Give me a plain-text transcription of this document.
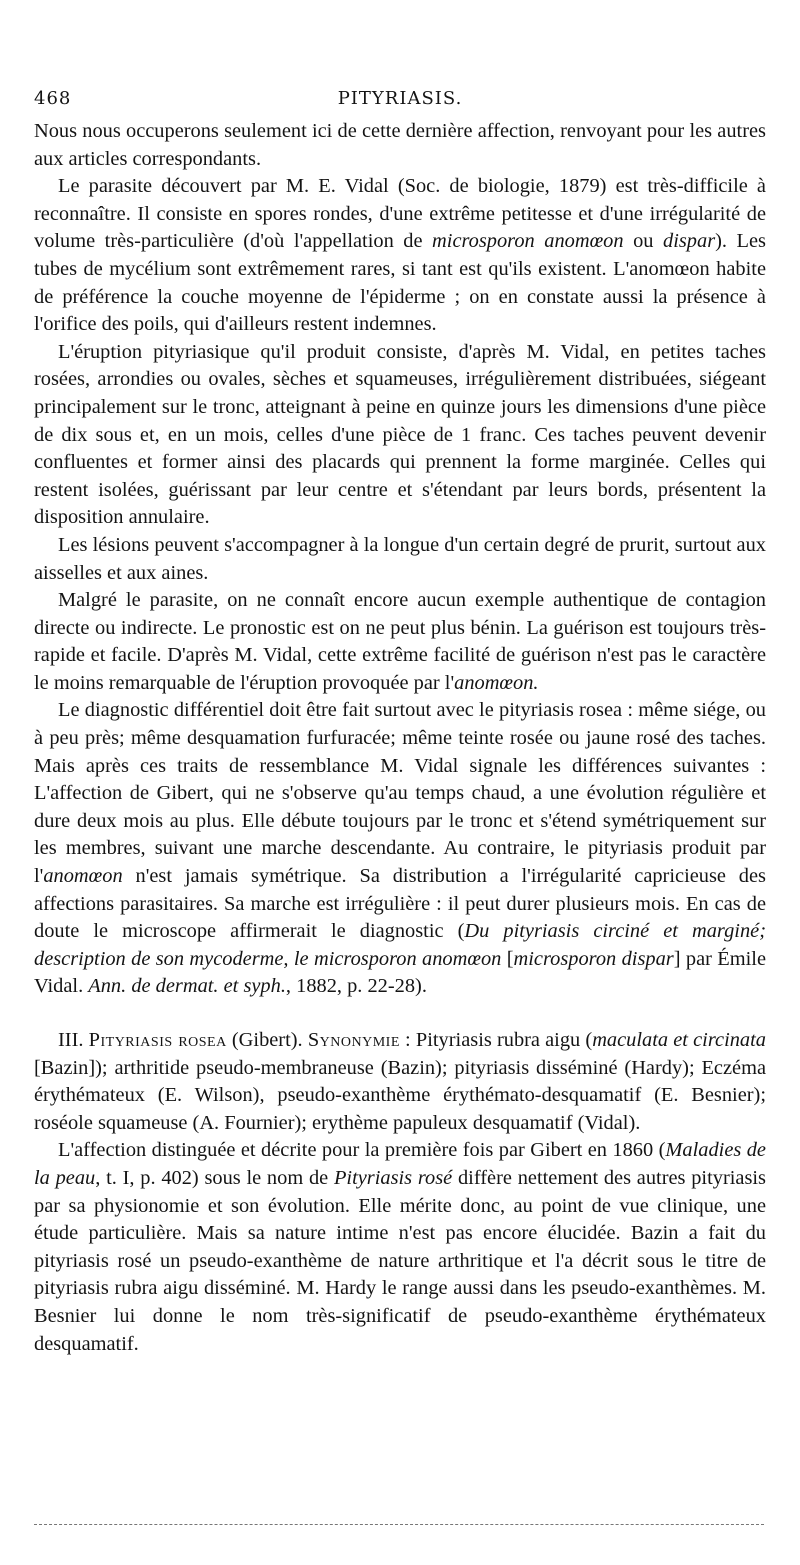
468	PITYRIASIS.

Nous nous occuperons seulement ici de cette dernière affection, renvoyant pour les autres aux articles correspondants.

Le parasite découvert par M. E. Vidal (Soc. de biologie, 1879) est très-difficile à reconnaître. Il consiste en spores rondes, d'une extrême petitesse et d'une irrégularité de volume très-particulière (d'où l'appellation de microsporon anomœon ou dispar). Les tubes de mycélium sont extrêmement rares, si tant est qu'ils existent. L'anomœon habite de préférence la couche moyenne de l'épiderme ; on en constate aussi la présence à l'orifice des poils, qui d'ailleurs restent indemnes.

L'éruption pityriasique qu'il produit consiste, d'après M. Vidal, en petites taches rosées, arrondies ou ovales, sèches et squameuses, irrégulièrement distribuées, siégeant principalement sur le tronc, atteignant à peine en quinze jours les dimensions d'une pièce de dix sous et, en un mois, celles d'une pièce de 1 franc. Ces taches peuvent devenir confluentes et former ainsi des placards qui prennent la forme marginée. Celles qui restent isolées, guérissant par leur centre et s'étendant par leurs bords, présentent la disposition annulaire.

Les lésions peuvent s'accompagner à la longue d'un certain degré de prurit, surtout aux aisselles et aux aines.

Malgré le parasite, on ne connaît encore aucun exemple authentique de contagion directe ou indirecte. Le pronostic est on ne peut plus bénin. La guérison est toujours très-rapide et facile. D'après M. Vidal, cette extrême facilité de guérison n'est pas le caractère le moins remarquable de l'éruption provoquée par l'anomœon.

Le diagnostic différentiel doit être fait surtout avec le pityriasis rosea : même siége, ou à peu près; même desquamation furfuracée; même teinte rosée ou jaune rosé des taches. Mais après ces traits de ressemblance M. Vidal signale les différences suivantes : L'affection de Gibert, qui ne s'observe qu'au temps chaud, a une évolution régulière et dure deux mois au plus. Elle débute toujours par le tronc et s'étend symétriquement sur les membres, suivant une marche descendante. Au contraire, le pityriasis produit par l'anomœon n'est jamais symétrique. Sa distribution a l'irrégularité capricieuse des affections parasitaires. Sa marche est irrégulière : il peut durer plusieurs mois. En cas de doute le microscope affirmerait le diagnostic (Du pityriasis circiné et marginé; description de son mycoderme, le microsporon anomœon [microsporon dispar] par Émile Vidal. Ann. de dermat. et syph., 1882, p. 22-28).

III. Pityriasis rosea (Gibert). Synonymie : Pityriasis rubra aigu (maculata et circinata [Bazin]); arthritide pseudo-membraneuse (Bazin); pityriasis disséminé (Hardy); Eczéma érythémateux (E. Wilson), pseudo-exanthème érythémato-desquamatif (E. Besnier); roséole squameuse (A. Fournier); erythème papuleux desquamatif (Vidal).

L'affection distinguée et décrite pour la première fois par Gibert en 1860 (Maladies de la peau, t. I, p. 402) sous le nom de Pityriasis rosé diffère nettement des autres pityriasis par sa physionomie et son évolution. Elle mérite donc, au point de vue clinique, une étude particulière. Mais sa nature intime n'est pas encore élucidée. Bazin a fait du pityriasis rosé un pseudo-exanthème de nature arthritique et l'a décrit sous le titre de pityriasis rubra aigu disséminé. M. Hardy le range aussi dans les pseudo-exanthèmes. M. Besnier lui donne le nom très-significatif de pseudo-exanthème érythémateux desquamatif.
